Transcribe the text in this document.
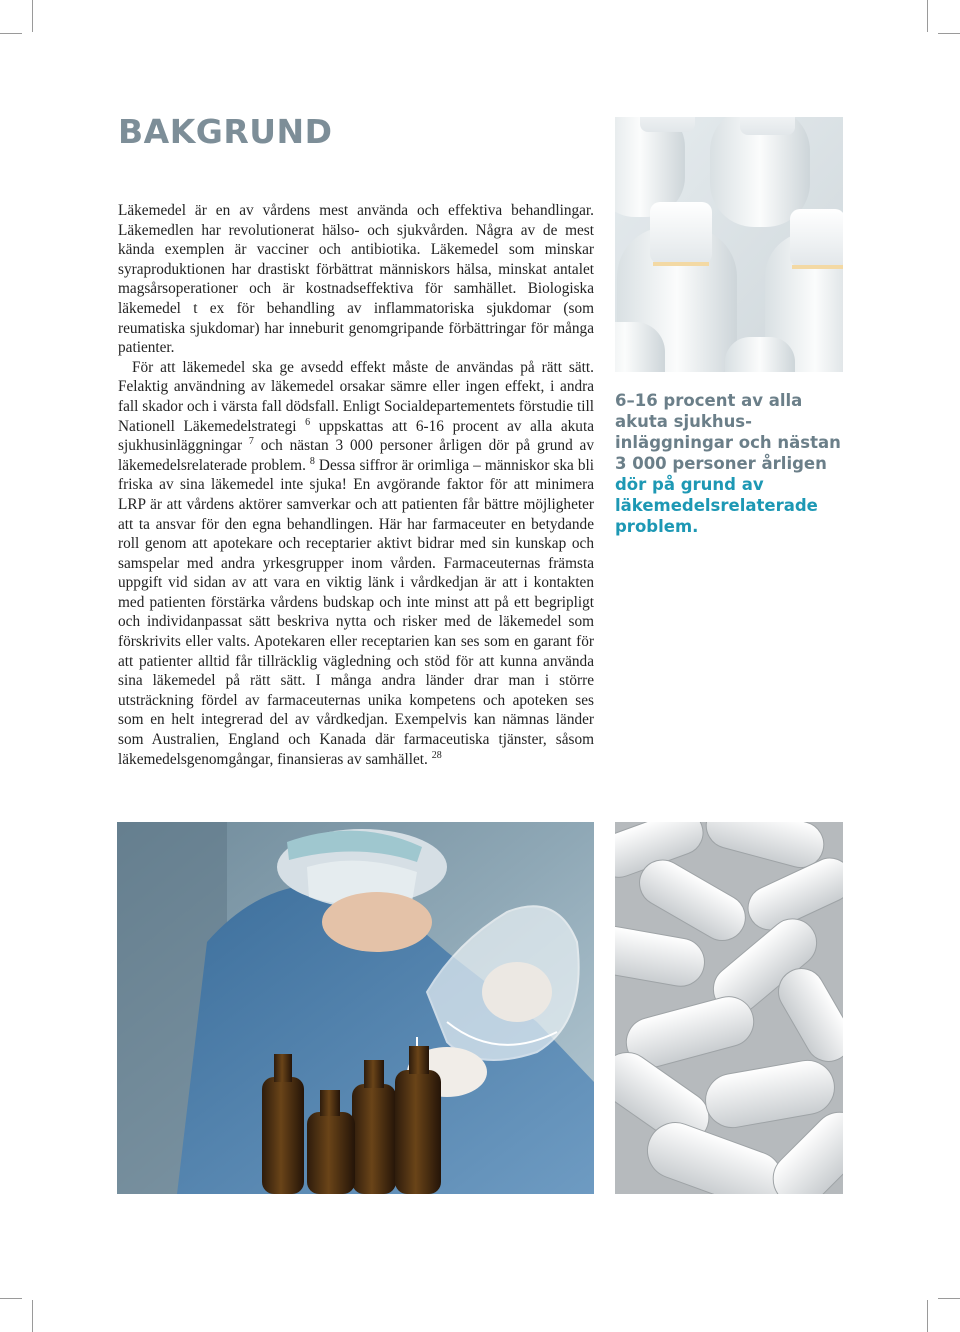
BAKGRUND

Läkemedel är en av vårdens mest använda och effektiva behandlingar. Läkemedlen har revolutionerat hälso- och sjukvården. Några av de mest kända exemplen är vacciner och antibiotika. Läkemedel som minskar syraproduktionen har drastiskt förbättrat människors hälsa, minskat antalet magsårsoperationer och är kostnadseffektiva för samhället. Biologiska läkemedel t ex för behandling av inflammatoriska sjukdomar (som reumatiska sjukdomar) har inneburit genomgripande förbättringar för många patienter.

För att läkemedel ska ge avsedd effekt måste de användas på rätt sätt. Felaktig användning av läkemedel orsakar sämre eller ingen effekt, i andra fall skador och i värsta fall dödsfall. Enligt Socialdepartementets förstudie till Nationell Läkemedelstrategi $^6$ uppskattas att 6-16 procent av alla akuta sjukhusinläggningar $^7$ och nästan 3 000 personer årligen dör på grund av läkemedelsrelaterade problem. $^8$ Dessa siffror är orimliga – människor ska bli friska av sina läkemedel inte sjuka! En avgörande faktor för att minimera LRP är att vårdens aktörer samverkar och att patienten får bättre möjligheter att ta ansvar för den egna behandlingen. Här har farmaceuter en betydande roll genom att apotekare och receptarier aktivt bidrar med sin kunskap och samspelar med andra yrkesgrupper inom vården. Farmaceuternas främsta uppgift vid sidan av att vara en viktig länk i vårdkedjan är att i kontakten med patienten förstärka vårdens budskap och inte minst att på ett begripligt och individanpassat sätt beskriva nytta och risker med de läkemedel som förskrivits eller valts. Apotekaren eller receptarien kan ses som en garant för att patienter alltid får tillräcklig vägledning och stöd för att kunna använda sina läkemedel på rätt sätt. I många andra länder drar man i större utsträckning fördel av farmaceuternas unika kompetens och apoteken ses som en helt integrerad del av vårdkedjan. Exempelvis kan nämnas länder som Australien, England och Kanada där farmaceutiska tjänster, såsom läkemedelsgenomgångar, finansieras av samhället. $^{28}$

6–16 procent av alla akuta sjukhusinläggningar och nästan 3 000 personer årligen dör på grund av läkemedelsrelaterade problem.
